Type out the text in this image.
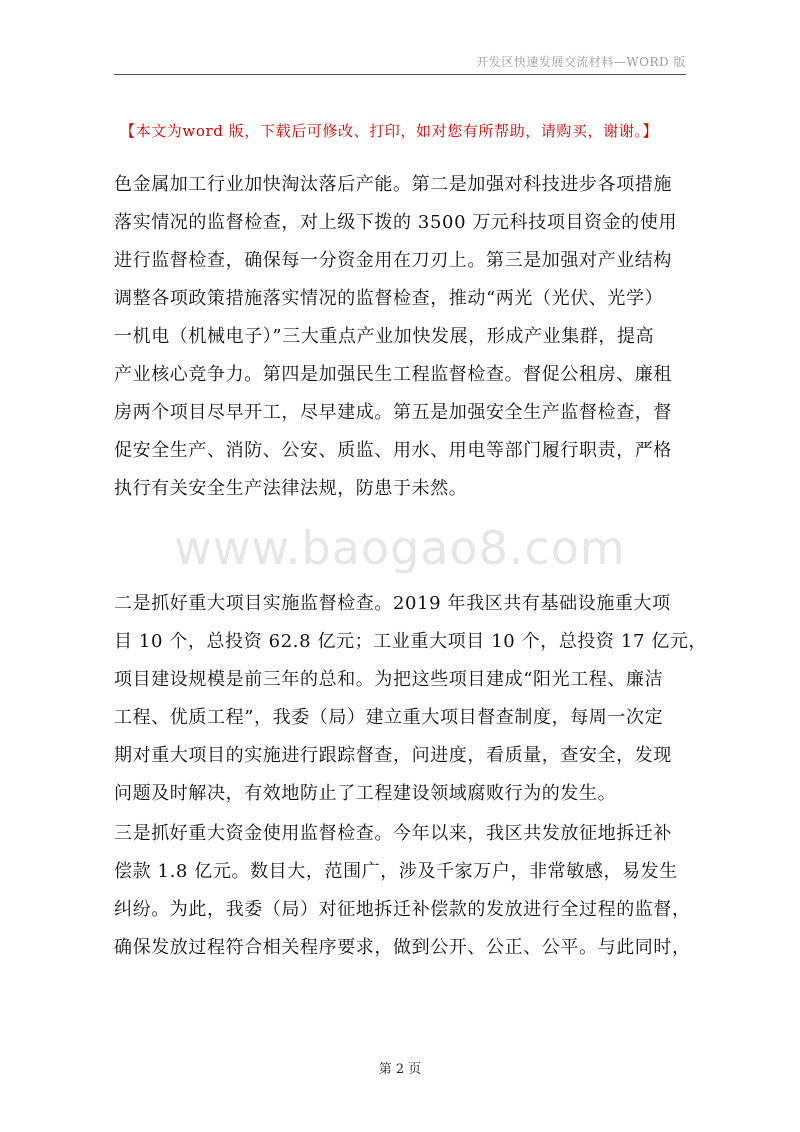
开发区快速发展交流材料—WORD 版
【本文为word 版，下载后可修改、打印，如对您有所帮助，请购买，谢谢。】
色金属加工行业加快淘汰落后产能。第二是加强对科技进步各项措施
落实情况的监督检查，对上级下拨的 3500 万元科技项目资金的使用
进行监督检查，确保每一分资金用在刀刃上。第三是加强对产业结构
调整各项政策措施落实情况的监督检查，推动“两光（光伏、光学）
一机电（机械电子）”三大重点产业加快发展，形成产业集群，提高
产业核心竞争力。第四是加强民生工程监督检查。督促公租房、廉租
房两个项目尽早开工，尽早建成。第五是加强安全生产监督检查，督
促安全生产、消防、公安、质监、用水、用电等部门履行职责，严格
执行有关安全生产法律法规，防患于未然。
www.baogao8.com
二是抓好重大项目实施监督检查。2019 年我区共有基础设施重大项
目 10 个，总投资 62.8 亿元；工业重大项目 10 个，总投资 17 亿元，
项目建设规模是前三年的总和。为把这些项目建成“阳光工程、廉洁
工程、优质工程”，我委（局）建立重大项目督查制度，每周一次定
期对重大项目的实施进行跟踪督查，问进度，看质量，查安全，发现
问题及时解决，有效地防止了工程建设领域腐败行为的发生。
三是抓好重大资金使用监督检查。今年以来，我区共发放征地拆迁补
偿款 1.8 亿元。数目大，范围广，涉及千家万户，非常敏感，易发生
纠纷。为此，我委（局）对征地拆迁补偿款的发放进行全过程的监督，
确保发放过程符合相关程序要求，做到公开、公正、公平。与此同时，
第 2 页
